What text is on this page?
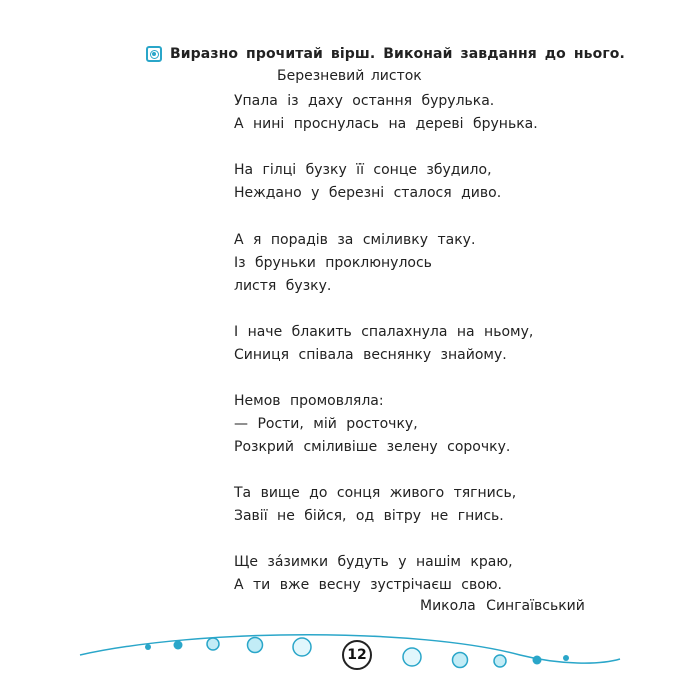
Виразно прочитай вірш. Виконай завдання до нього.
Березневий листок
Упала із даху остання бурулька.
А нині проснулась на дереві брунька.
На гілці бузку її сонце збудило,
Неждано у березні сталося диво.
А я порадів за сміливку таку.
Із бруньки проклюнулось
листя бузку.
І наче блакить спалахнула на ньому,
Синиця співала веснянку знайому.
Немов промовляла:
— Рости, мій росточку,
Розкрий сміливіше зелену сорочку.
Та вище до сонця живого тягнись,
Завії не бійся, од вітру не гнись.
Ще за́зимки будуть у нашім краю,
А ти вже весну зустрічаєш свою.
Микола Сингаївський
12
